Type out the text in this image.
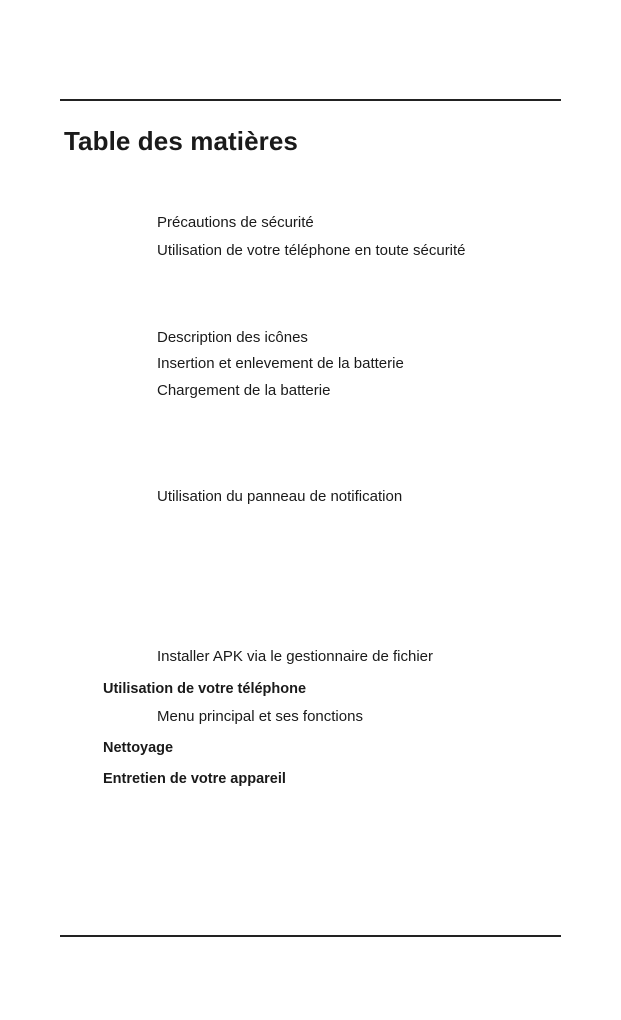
Table des matières

Précautions de sécurité

Utilisation de votre téléphone en toute sécurité

Description des icônes

Insertion et enlevement de la batterie

Chargement de la batterie

Utilisation du panneau de notification

Installer APK via le gestionnaire de fichier

Utilisation de votre téléphone

Menu principal et ses fonctions

Nettoyage

Entretien de votre appareil
